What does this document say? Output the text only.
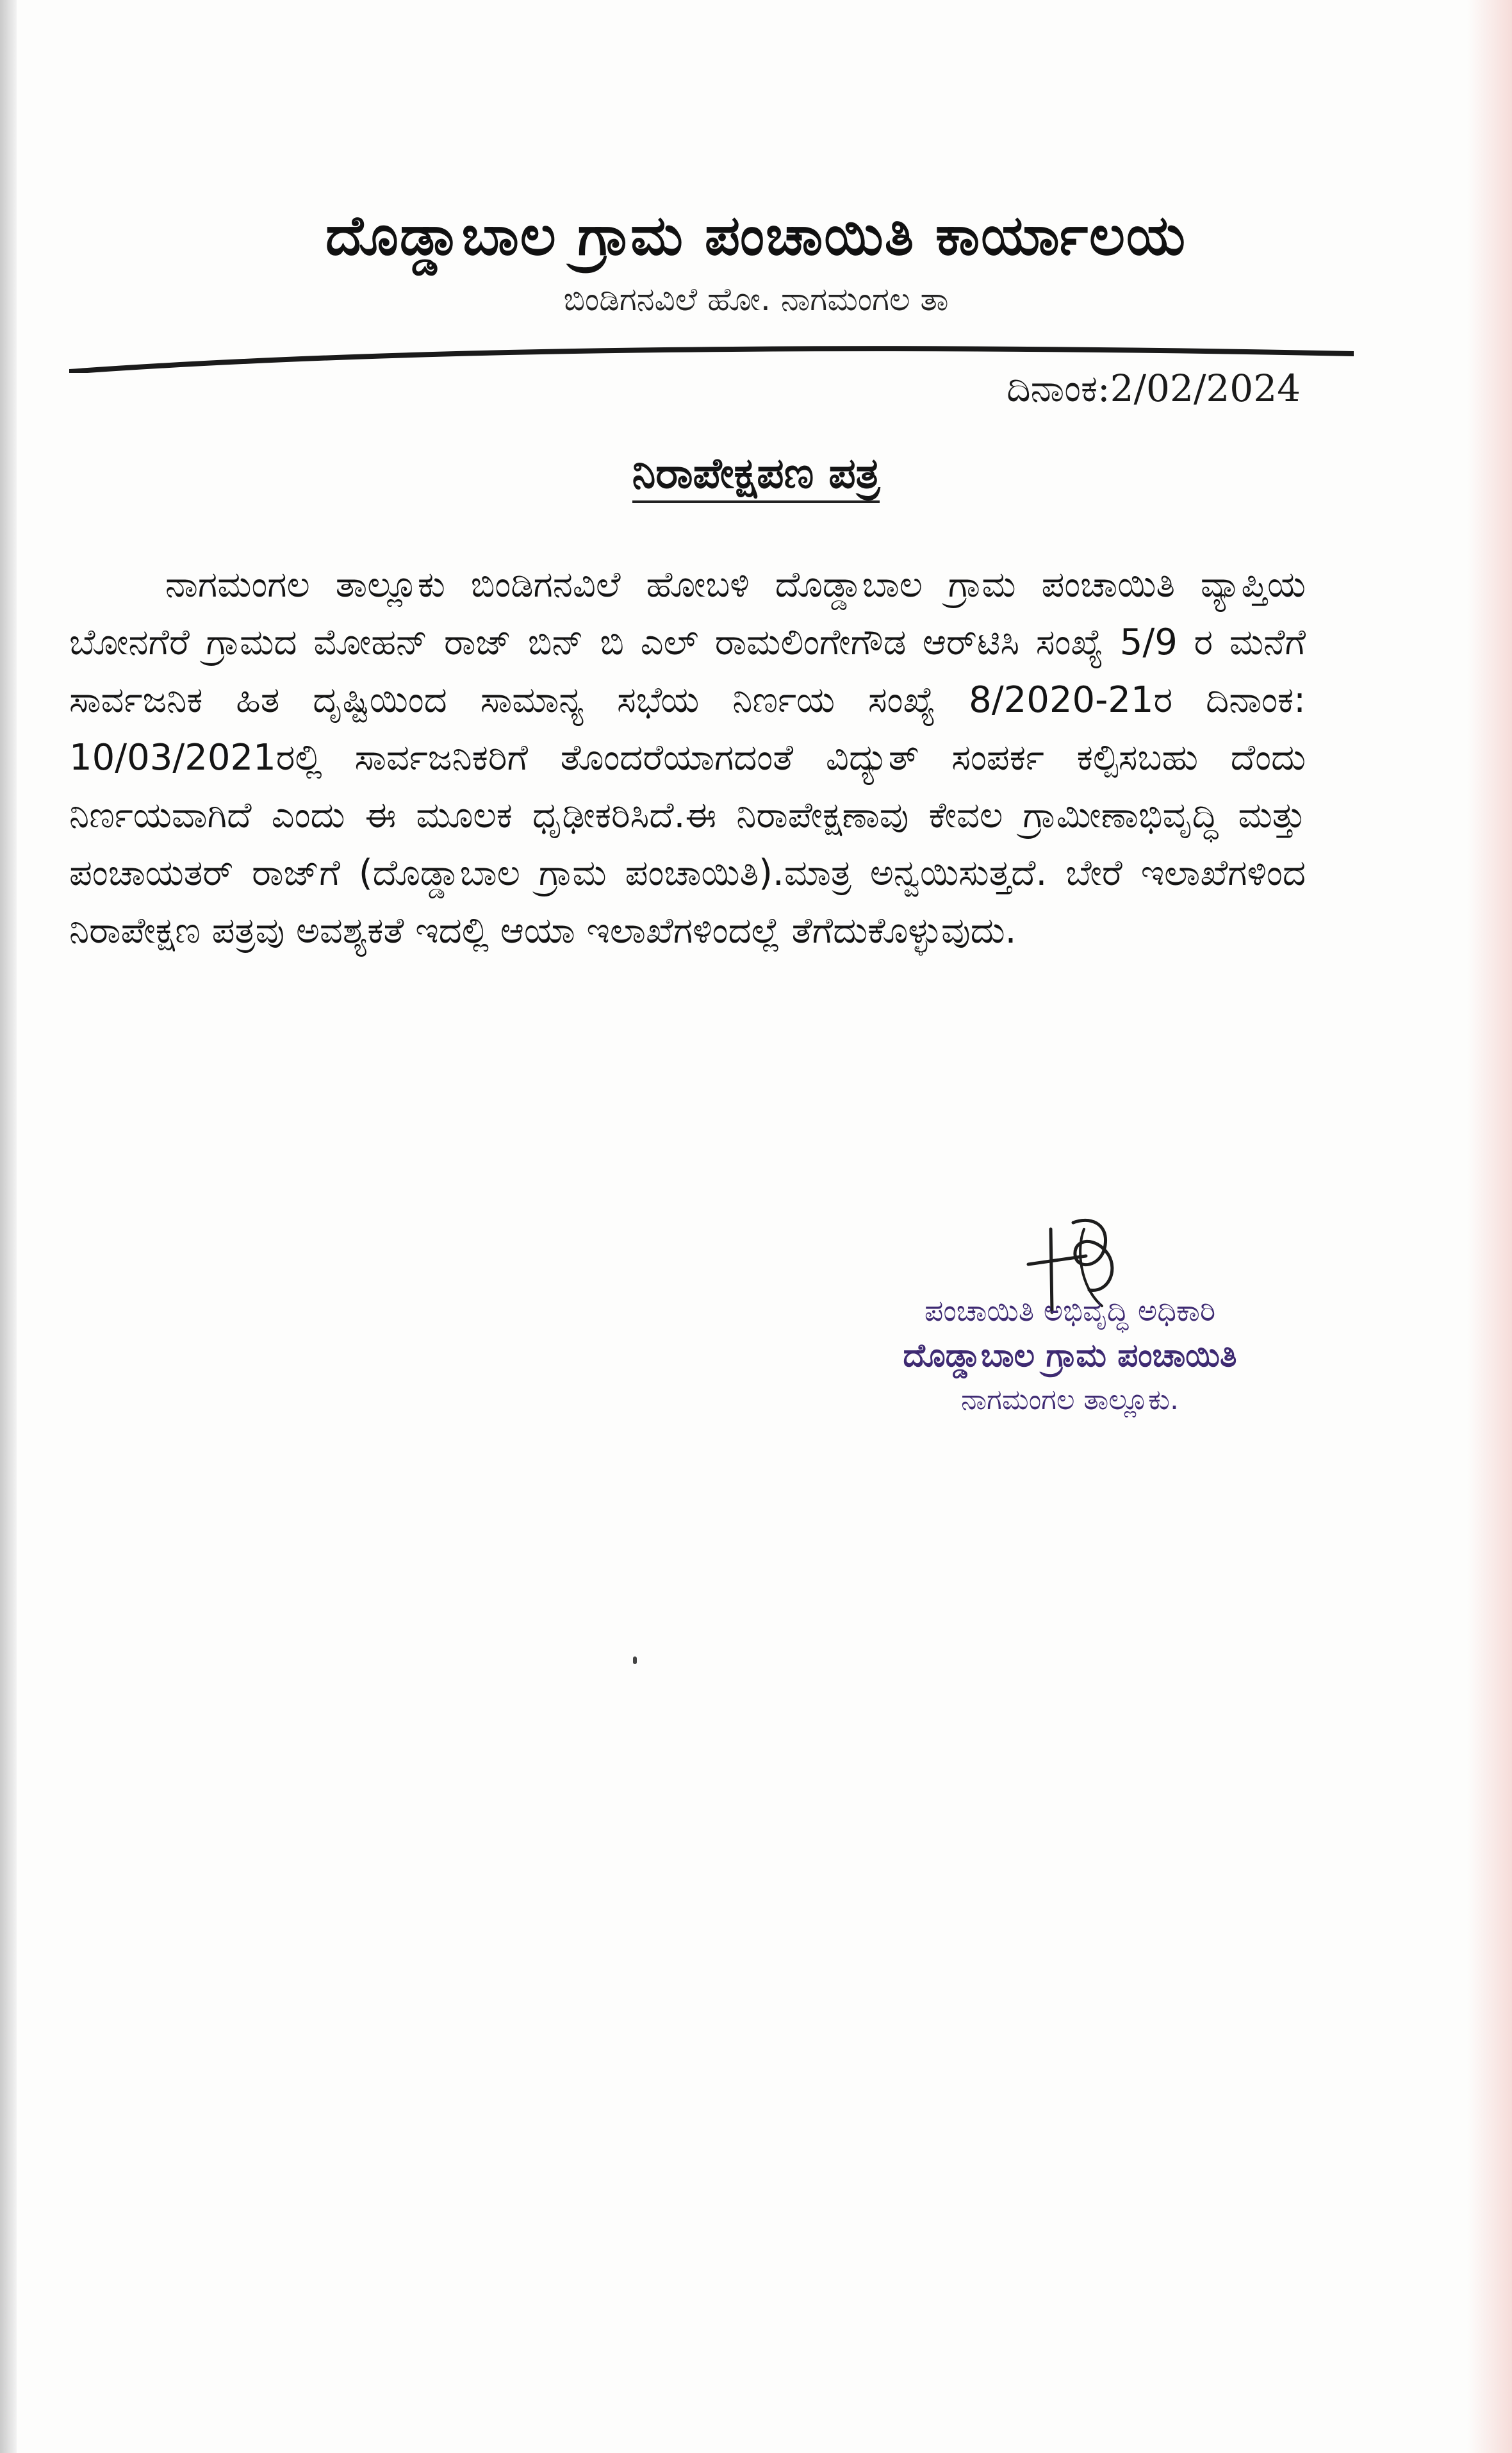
ದೊಡ್ಡಾಬಾಲ ಗ್ರಾಮ ಪಂಚಾಯಿತಿ ಕಾರ್ಯಾಲಯ
ಬಿಂಡಿಗನವಿಲೆ ಹೋ. ನಾಗಮಂಗಲ ತಾ
ದಿನಾಂಕ:2/02/2024
ನಿರಾಪೇಕ್ಷಪಣ ಪತ್ರ

ನಾಗಮಂಗಲ ತಾಲ್ಲೂಕು ಬಿಂಡಿಗನವಿಲೆ ಹೋಬಳಿ ದೊಡ್ಡಾಬಾಲ ಗ್ರಾಮ ಪಂಚಾಯಿತಿ ವ್ಯಾಪ್ತಿಯ ಬೋನಗೆರೆ ಗ್ರಾಮದ ಮೋಹನ್ ರಾಜ್ ಬಿನ್ ಬಿ ಎಲ್ ರಾಮಲಿಂಗೇಗೌಡ ಆರ್‌ಟಿಸಿ ಸಂಖ್ಯೆ 5/9 ರ ಮನೆಗೆ ಸಾರ್ವಜನಿಕ ಹಿತ ದೃಷ್ಟಿಯಿಂದ ಸಾಮಾನ್ಯ ಸಭೆಯ ನಿರ್ಣಯ ಸಂಖ್ಯೆ 8/2020-21ರ ದಿನಾಂಕ: 10/03/2021ರಲ್ಲಿ ಸಾರ್ವಜನಿಕರಿಗೆ ತೊಂದರೆಯಾಗದಂತೆ ವಿದ್ಯುತ್ ಸಂಪರ್ಕ ಕಲ್ಪಿಸಬಹು ದೆಂದು ನಿರ್ಣಯವಾಗಿದೆ ಎಂದು ಈ ಮೂಲಕ ಧೃಢೀಕರಿಸಿದೆ.ಈ ನಿರಾಪೇಕ್ಷಣಾವು ಕೇವಲ ಗ್ರಾಮೀಣಾಭಿವೃದ್ಧಿ ಮತ್ತು ಪಂಚಾಯತರ್ ರಾಜ್‌ಗೆ (ದೊಡ್ಡಾಬಾಲ ಗ್ರಾಮ ಪಂಚಾಯಿತಿ).ಮಾತ್ರ ಅನ್ವಯಿಸುತ್ತದೆ. ಬೇರೆ ಇಲಾಖೆಗಳಿಂದ ನಿರಾಪೇಕ್ಷಣ ಪತ್ರವು ಅವಶ್ಯಕತೆ ಇದಲ್ಲಿ ಆಯಾ ಇಲಾಖೆಗಳಿಂದಲ್ಲೆ ತೆಗೆದುಕೊಳ್ಳುವುದು.

ಪಂಚಾಯಿತಿ ಅಭಿವೃದ್ಧಿ ಅಧಿಕಾರಿ
ದೊಡ್ಡಾಬಾಲ ಗ್ರಾಮ ಪಂಚಾಯಿತಿ
ನಾಗಮಂಗಲ ತಾಲ್ಲೂಕು.
